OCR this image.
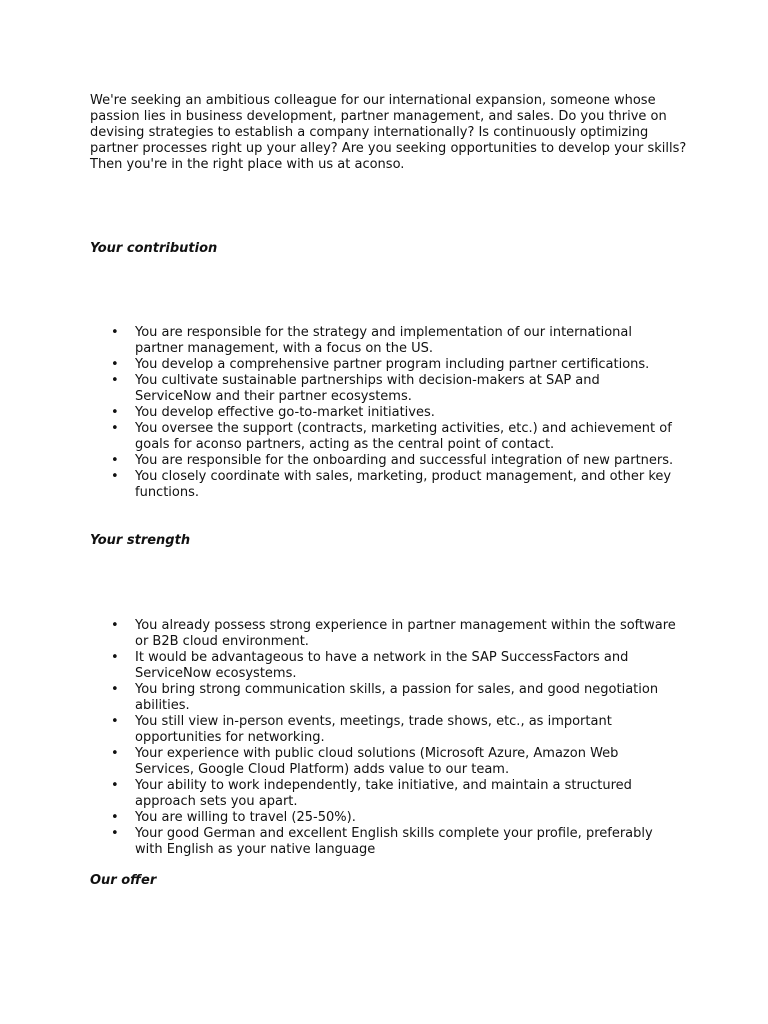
We're seeking an ambitious colleague for our international expansion, someone whose passion lies in business development, partner management, and sales. Do you thrive on devising strategies to establish a company internationally? Is continuously optimizing partner processes right up your alley? Are you seeking opportunities to develop your skills? Then you're in the right place with us at aconso.

Your contribution
• You are responsible for the strategy and implementation of our international partner management, with a focus on the US.
• You develop a comprehensive partner program including partner certifications.
• You cultivate sustainable partnerships with decision-makers at SAP and ServiceNow and their partner ecosystems.
• You develop effective go-to-market initiatives.
• You oversee the support (contracts, marketing activities, etc.) and achievement of goals for aconso partners, acting as the central point of contact.
• You are responsible for the onboarding and successful integration of new partners.
• You closely coordinate with sales, marketing, product management, and other key functions.
Your strength
• You already possess strong experience in partner management within the software or B2B cloud environment.
• It would be advantageous to have a network in the SAP SuccessFactors and ServiceNow ecosystems.
• You bring strong communication skills, a passion for sales, and good negotiation abilities.
• You still view in-person events, meetings, trade shows, etc., as important opportunities for networking.
• Your experience with public cloud solutions (Microsoft Azure, Amazon Web Services, Google Cloud Platform) adds value to our team.
• Your ability to work independently, take initiative, and maintain a structured approach sets you apart.
• You are willing to travel (25-50%).
• Your good German and excellent English skills complete your profile, preferably with English as your native language
Our offer
